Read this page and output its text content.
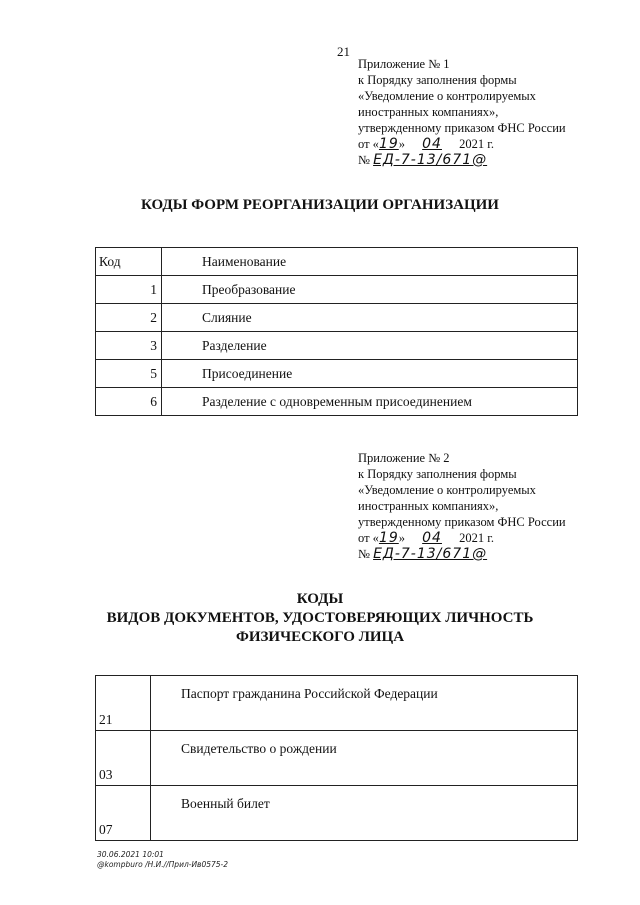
21
Приложение № 1
к Порядку заполнения формы
«Уведомление о контролируемых
иностранных компаниях»,
утвержденному приказом ФНС России
от «19» 04 2021 г.
№ ЕД-7-13/671@
КОДЫ ФОРМ РЕОРГАНИЗАЦИИ ОРГАНИЗАЦИИ
Код	Наименование
1	Преобразование
2	Слияние
3	Разделение
5	Присоединение
6	Разделение с одновременным присоединением
Приложение № 2
к Порядку заполнения формы
«Уведомление о контролируемых
иностранных компаниях»,
утвержденному приказом ФНС России
от «19» 04 2021 г.
№ ЕД-7-13/671@
КОДЫ
ВИДОВ ДОКУМЕНТОВ, УДОСТОВЕРЯЮЩИХ ЛИЧНОСТЬ
ФИЗИЧЕСКОГО ЛИЦА
21	Паспорт гражданина Российской Федерации
03	Свидетельство о рождении
07	Военный билет
30.06.2021 10:01
@kompburo /Н.И.//Прил-Ив0575-2
